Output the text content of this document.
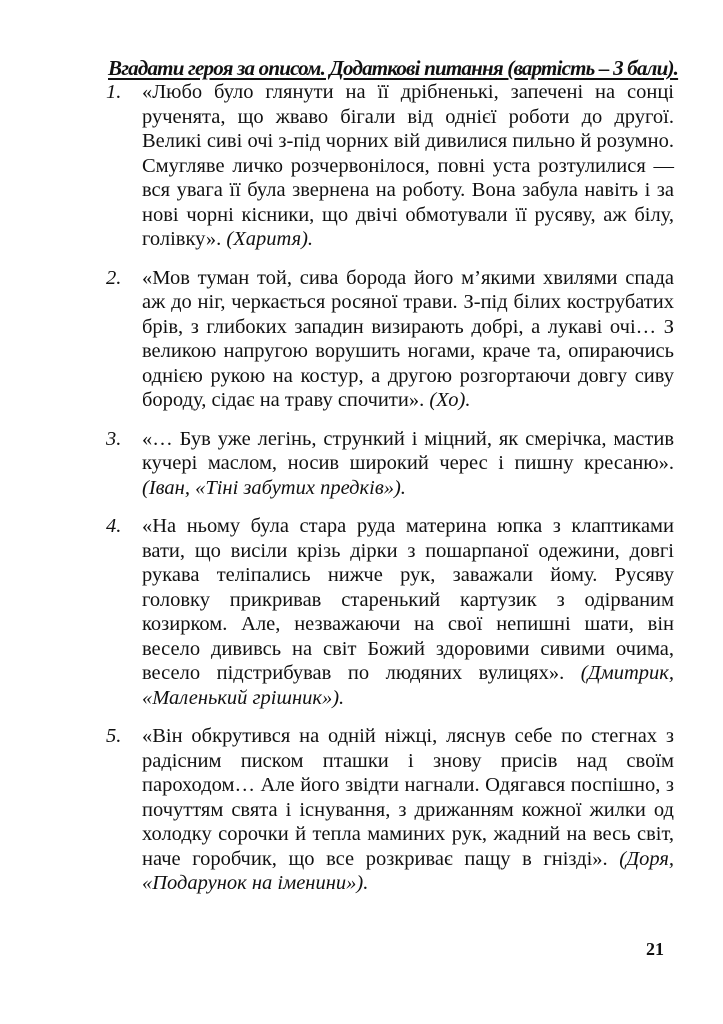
Вгадати героя за описом. Додаткові питання (вартість – 3 бали).
1. «Любо було глянути на її дрібненькі, запечені на сонці рученята, що жваво бігали від однієї роботи до другої. Великі сиві очі з-під чорних вій дивилися пильно й розумно. Смугляве личко розчервонілося, повні уста розтулилися — вся увага її була звернена на роботу. Вона забула навіть і за нові чорні кісники, що двічі обмотували її русяву, аж білу, голівку». (Харитя).
2. «Мов туман той, сива борода його м’якими хвилями спада аж до ніг, черкається росяної трави. З-під білих кострубатих брів, з глибоких западин визирають добрі, а лукаві очі… З великою напругою ворушить ногами, краче та, опираючись однією рукою на костур, а другою розгортаючи довгу сиву бороду, сідає на траву спочити». (Хо).
3. «… Був уже легінь, стрункий і міцний, як смерічка, мастив кучері маслом, носив широкий черес і пишну кресаню». (Іван, «Тіні забутих предків»).
4. «На ньому була стара руда материна юпка з клаптиками вати, що висіли крізь дірки з пошарпаної одежини, довгі рукава теліпались нижче рук, заважали йому. Русяву головку прикривав старенький картузик з одірваним козирком. Але, незважаючи на свої непишні шати, він весело дививсь на світ Божий здоровими сивими очима, весело підстрибував по людяних вулицях». (Дмитрик, «Маленький грішник»).
5. «Він обкрутився на одній ніжці, ляснув себе по стегнах з радісним писком пташки і знову присів над своїм пароходом… Але його звідти нагнали. Одягався поспішно, з почуттям свята і існування, з дрижанням кожної жилки од холодку сорочки й тепла маминих рук, жадний на весь світ, наче горобчик, що все розкриває пащу в гнізді». (Доря, «Подарунок на іменини»).
21
